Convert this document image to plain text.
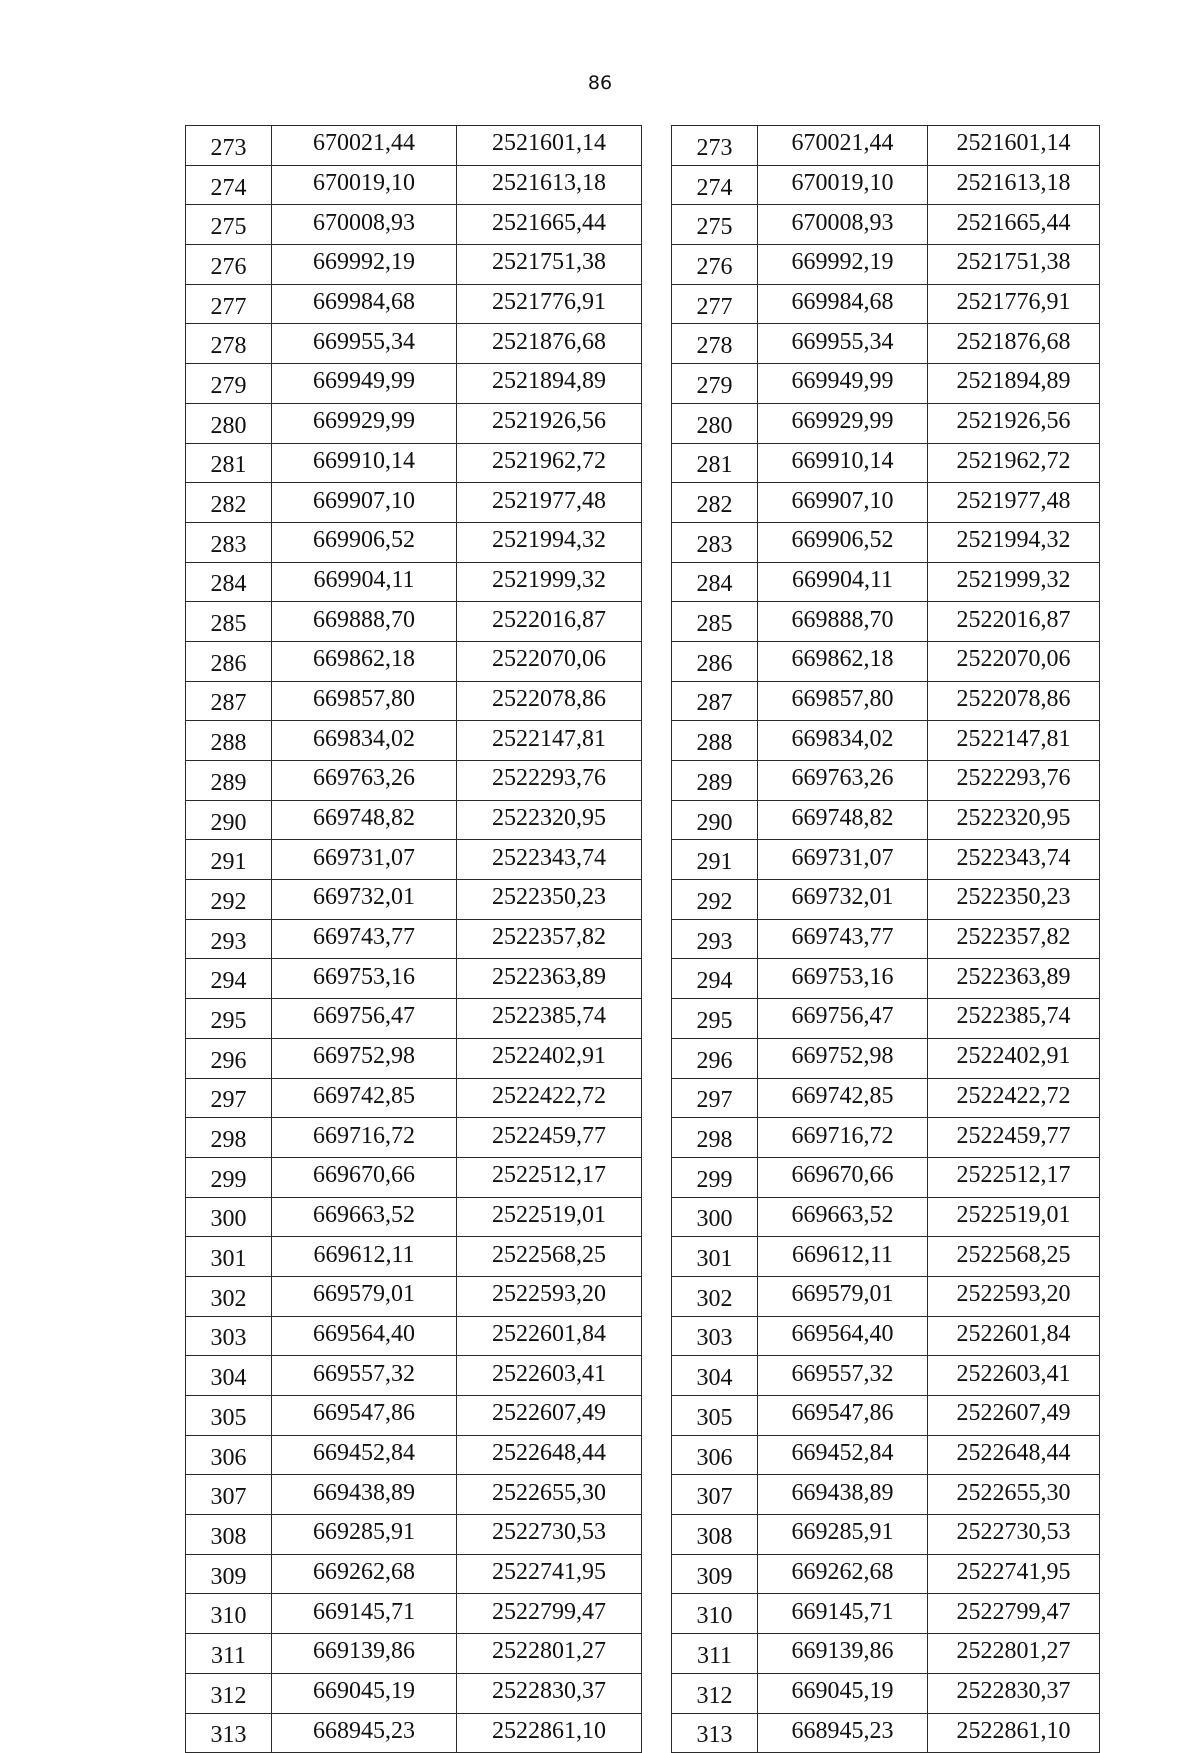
86
273	670021,44	2521601,14
274	670019,10	2521613,18
275	670008,93	2521665,44
276	669992,19	2521751,38
277	669984,68	2521776,91
278	669955,34	2521876,68
279	669949,99	2521894,89
280	669929,99	2521926,56
281	669910,14	2521962,72
282	669907,10	2521977,48
283	669906,52	2521994,32
284	669904,11	2521999,32
285	669888,70	2522016,87
286	669862,18	2522070,06
287	669857,80	2522078,86
288	669834,02	2522147,81
289	669763,26	2522293,76
290	669748,82	2522320,95
291	669731,07	2522343,74
292	669732,01	2522350,23
293	669743,77	2522357,82
294	669753,16	2522363,89
295	669756,47	2522385,74
296	669752,98	2522402,91
297	669742,85	2522422,72
298	669716,72	2522459,77
299	669670,66	2522512,17
300	669663,52	2522519,01
301	669612,11	2522568,25
302	669579,01	2522593,20
303	669564,40	2522601,84
304	669557,32	2522603,41
305	669547,86	2522607,49
306	669452,84	2522648,44
307	669438,89	2522655,30
308	669285,91	2522730,53
309	669262,68	2522741,95
310	669145,71	2522799,47
311	669139,86	2522801,27
312	669045,19	2522830,37
313	668945,23	2522861,10
273	670021,44	2521601,14
274	670019,10	2521613,18
275	670008,93	2521665,44
276	669992,19	2521751,38
277	669984,68	2521776,91
278	669955,34	2521876,68
279	669949,99	2521894,89
280	669929,99	2521926,56
281	669910,14	2521962,72
282	669907,10	2521977,48
283	669906,52	2521994,32
284	669904,11	2521999,32
285	669888,70	2522016,87
286	669862,18	2522070,06
287	669857,80	2522078,86
288	669834,02	2522147,81
289	669763,26	2522293,76
290	669748,82	2522320,95
291	669731,07	2522343,74
292	669732,01	2522350,23
293	669743,77	2522357,82
294	669753,16	2522363,89
295	669756,47	2522385,74
296	669752,98	2522402,91
297	669742,85	2522422,72
298	669716,72	2522459,77
299	669670,66	2522512,17
300	669663,52	2522519,01
301	669612,11	2522568,25
302	669579,01	2522593,20
303	669564,40	2522601,84
304	669557,32	2522603,41
305	669547,86	2522607,49
306	669452,84	2522648,44
307	669438,89	2522655,30
308	669285,91	2522730,53
309	669262,68	2522741,95
310	669145,71	2522799,47
311	669139,86	2522801,27
312	669045,19	2522830,37
313	668945,23	2522861,10
